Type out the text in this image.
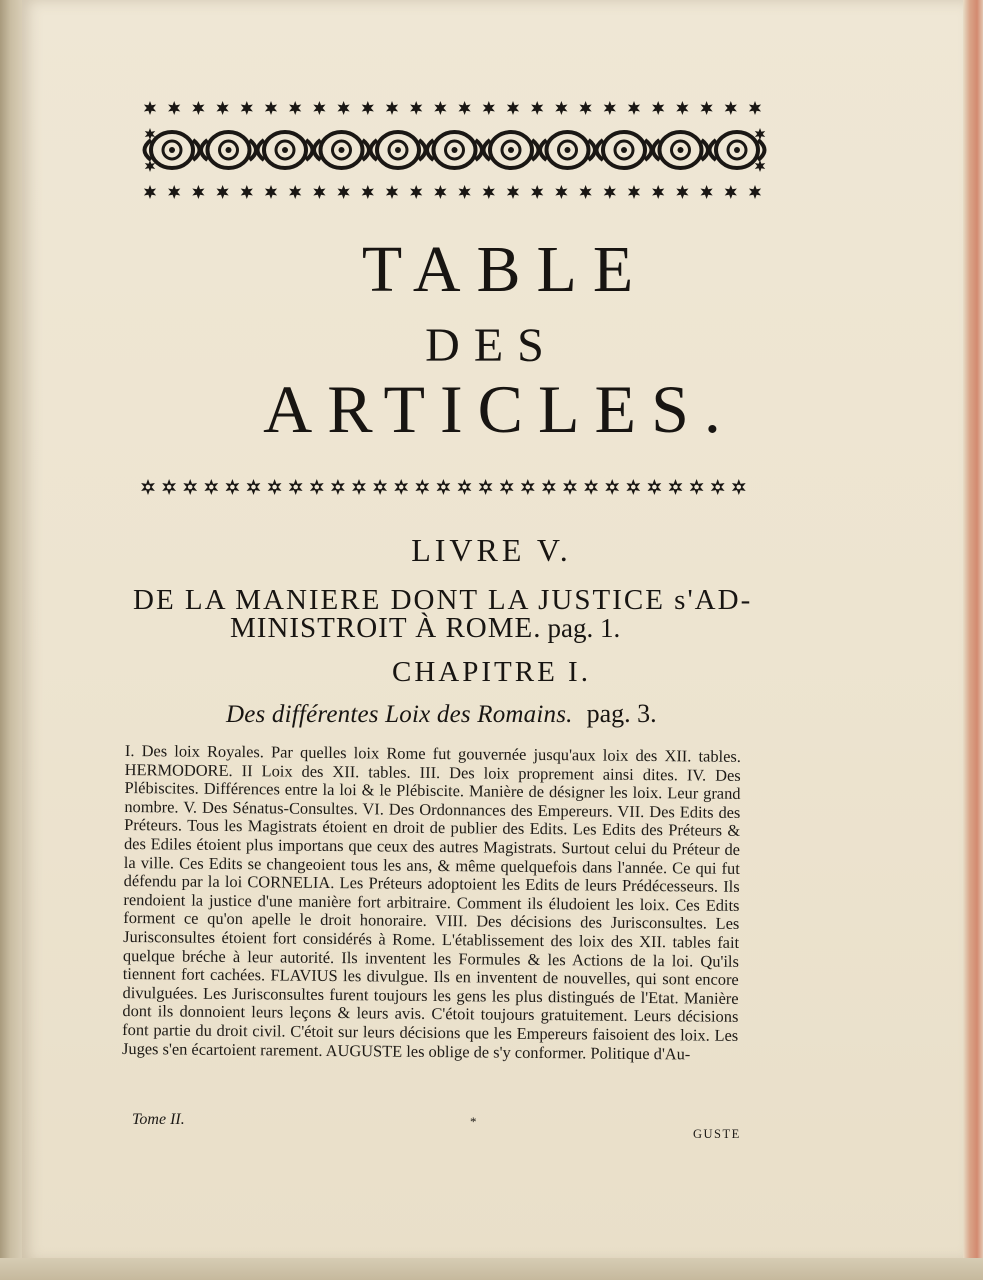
TABLE
DES
ARTICLES.
LIVRE V.

DE LA MANIERE DONT LA JUSTICE s'AD-

MINISTROIT À ROME. pag. 1.

CHAPITRE I.

Des différentes Loix des Romains. pag. 3.

I. Des loix Royales. Par quelles loix Rome fut gouvernée jusqu'aux loix des XII. tables. HERMODORE. II Loix des XII. tables. III. Des loix proprement ainsi dites. IV. Des Plébiscites. Différences entre la loi & le Plébiscite. Manière de désigner les loix. Leur grand nombre. V. Des Sénatus-Consultes. VI. Des Ordonnances des Empereurs. VII. Des Edits des Préteurs. Tous les Magistrats étoient en droit de publier des Edits. Les Edits des Préteurs & des Ediles étoient plus importans que ceux des autres Magistrats. Surtout celui du Préteur de la ville. Ces Edits se changeoient tous les ans, & même quelquefois dans l'année. Ce qui fut défendu par la loi CORNELIA. Les Préteurs adoptoient les Edits de leurs Prédécesseurs. Ils rendoient la justice d'une manière fort arbitraire. Comment ils éludoient les loix. Ces Edits forment ce qu'on apelle le droit honoraire. VIII. Des décisions des Jurisconsultes. Les Jurisconsultes étoient fort considérés à Rome. L'établissement des loix des XII. tables fait quelque bréche à leur autorité. Ils inventent les Formules & les Actions de la loi. Qu'ils tiennent fort cachées. FLAVIUS les divulgue. Ils en inventent de nouvelles, qui sont encore divulguées. Les Jurisconsultes furent toujours les gens les plus distingués de l'Etat. Manière dont ils donnoient leurs leçons & leurs avis. C'étoit toujours gratuitement. Leurs décisions font partie du droit civil. C'étoit sur leurs décisions que les Empereurs faisoient des loix. Les Juges s'en écartoient rarement. AUGUSTE les oblige de s'y conformer. Politique d'Au-

Tome II.	*

GUSTE
